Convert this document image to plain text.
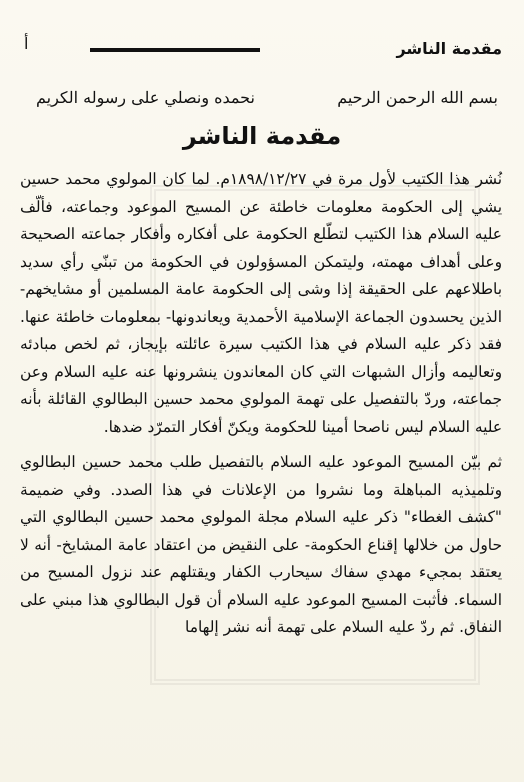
أ	مقدمة الناشر
بسم الله الرحمن الرحيم
نحمده ونصلي على رسوله الكريم
مقدمة الناشر

نُشر هذا الكتيب لأول مرة في ١٨٩٨/١٢/٢٧م. لما كان المولوي محمد حسين يشي إلى الحكومة معلومات خاطئة عن المسيح الموعود وجماعته، فألّف عليه السلام هذا الكتيب لتطّلع الحكومة على أفكاره وأفكار جماعته الصحيحة وعلى أهداف مهمته، وليتمكن المسؤولون في الحكومة من تبنّي رأي سديد باطلاعهم على الحقيقة إذا وشى إلى الحكومة عامة المسلمين أو مشايخهم- الذين يحسدون الجماعة الإسلامية الأحمدية ويعاندونها- بمعلومات خاطئة عنها. فقد ذكر عليه السلام في هذا الكتيب سيرة عائلته بإيجاز، ثم لخص مبادئه وتعاليمه وأزال الشبهات التي كان المعاندون ينشرونها عنه عليه السلام وعن جماعته، وردّ بالتفصيل على تهمة المولوي محمد حسين البطالوي القائلة بأنه عليه السلام ليس ناصحا أمينا للحكومة ويكنّ أفكار التمرّد ضدها.

ثم بيّن المسيح الموعود عليه السلام بالتفصيل طلب محمد حسين البطالوي وتلميذيه المباهلة وما نشروا من الإعلانات في هذا الصدد. وفي ضميمة "كشف الغطاء" ذكر عليه السلام مجلة المولوي محمد حسين البطالوي التي حاول من خلالها إقناع الحكومة- على النقيض من اعتقاد عامة المشايخ- أنه لا يعتقد بمجيء مهدي سفاك سيحارب الكفار ويقتلهم عند نزول المسيح من السماء. فأثبت المسيح الموعود عليه السلام أن قول البطالوي هذا مبني على النفاق. ثم ردّ عليه السلام على تهمة أنه نشر إلهاما
